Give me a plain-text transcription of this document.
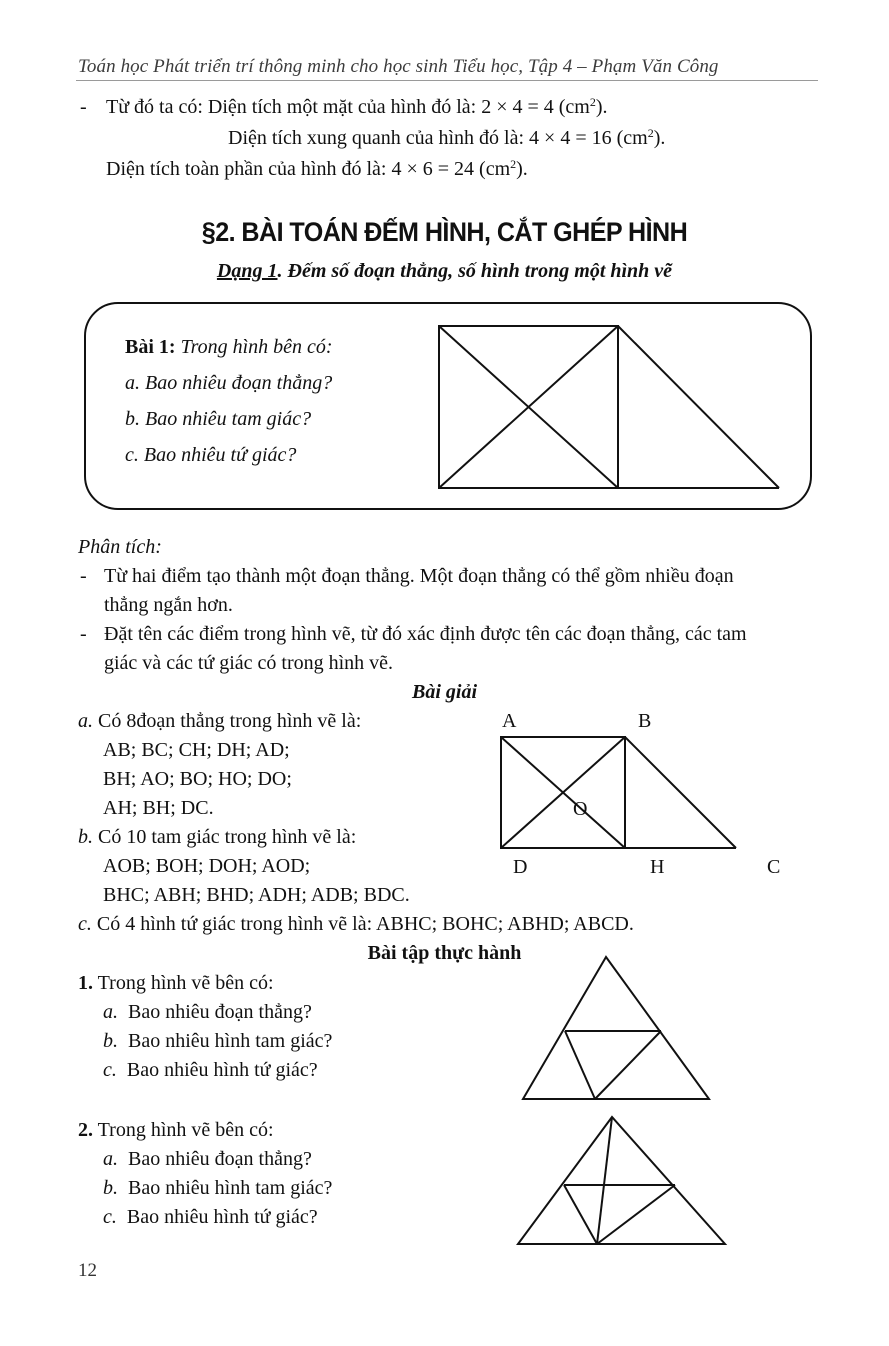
Toán học Phát triển trí thông minh cho học sinh Tiểu học, Tập 4 – Phạm Văn Công
- Từ đó ta có: Diện tích một mặt của hình đó là: 2 × 4 = 4 $(cm^2)$.
Diện tích xung quanh của hình đó là: 4 × 4 = 16 $(cm^2)$.
Diện tích toàn phần của hình đó là: 4 × 6 = 24 $(cm^2)$.
§2. BÀI TOÁN ĐẾM HÌNH, CẮT GHÉP HÌNH
Dạng 1. Đếm số đoạn thẳng, số hình trong một hình vẽ
Bài 1: Trong hình bên có:
a. Bao nhiêu đoạn thẳng?
b. Bao nhiêu tam giác?
c. Bao nhiêu tứ giác?
Phân tích:
- Từ hai điểm tạo thành một đoạn thẳng. Một đoạn thẳng có thể gồm nhiều đoạn
thẳng ngắn hơn.
- Đặt tên các điểm trong hình vẽ, từ đó xác định được tên các đoạn thẳng, các tam
giác và các tứ giác có trong hình vẽ.
Bài giải
a. Có 8đoạn thẳng trong hình vẽ là:
AB; BC; CH; DH; AD;
BH; AO; BO; HO; DO;
AH; BH; DC.
b. Có 10 tam giác trong hình vẽ là:
AOB; BOH; DOH; AOD;
BHC; ABH; BHD; ADH; ADB; BDC.
c. Có 4 hình tứ giác trong hình vẽ là: ABHC; BOHC; ABHD; ABCD.
A	B
O
D	H	C
Bài tập thực hành
1. Trong hình vẽ bên có:
a. Bao nhiêu đoạn thẳng?
b. Bao nhiêu hình tam giác?
c. Bao nhiêu hình tứ giác?
2. Trong hình vẽ bên có:
a. Bao nhiêu đoạn thẳng?
b. Bao nhiêu hình tam giác?
c. Bao nhiêu hình tứ giác?
12
